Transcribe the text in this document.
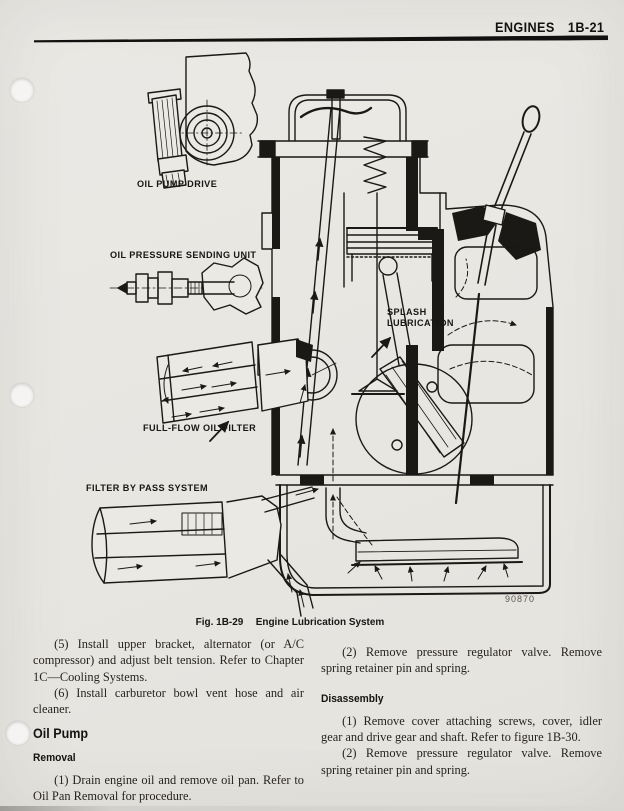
ENGINES 1B-21
OIL PUMP DRIVE
OIL PRESSURE SENDING UNIT
SPLASH
LUBRICATION
FULL-FLOW OIL FILTER
FILTER BY PASS SYSTEM
90870
Fig. 1B-29 Engine Lubrication System

(5) Install upper bracket, alternator (or A/C compressor) and adjust belt tension. Refer to Chapter 1C—Cooling Systems.

(6) Install carburetor bowl vent hose and air cleaner.

Oil Pump
Removal

(1) Drain engine oil and remove oil pan. Refer to Oil Pan Removal for procedure.

(2) Remove pressure regulator valve. Remove spring retainer pin and spring.

Disassembly

(1) Remove cover attaching screws, cover, idler gear and drive gear and shaft. Refer to figure 1B-30.

(2) Remove pressure regulator valve. Remove spring retainer pin and spring.
